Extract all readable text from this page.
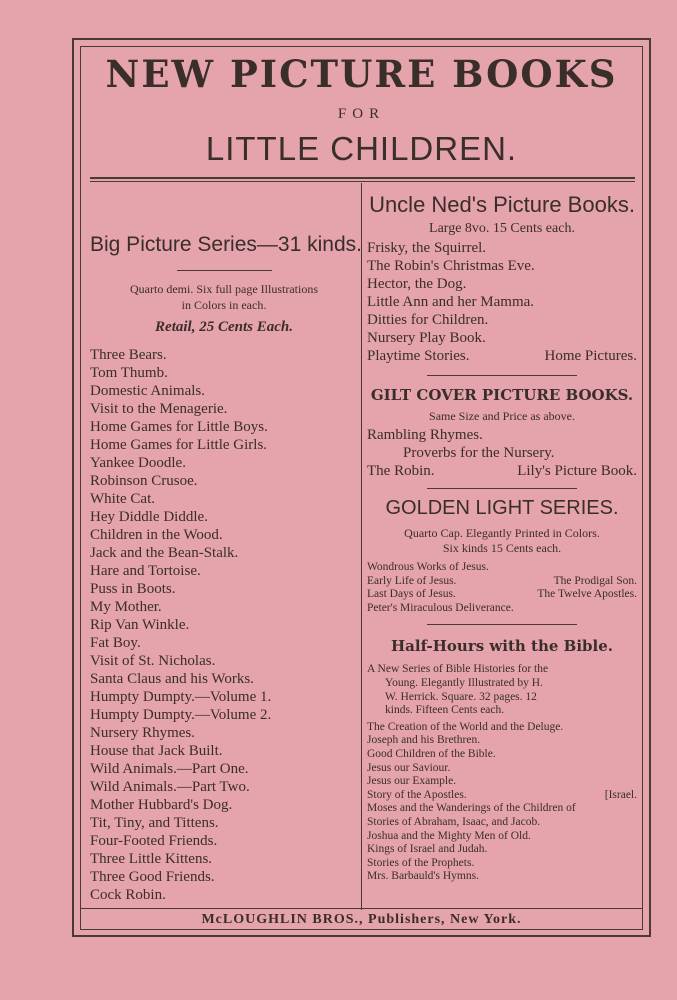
NEW PICTURE BOOKS
FOR
LITTLE CHILDREN.
Big Picture Series—31 kinds.

Quarto demi. Six full page Illustrations
in Colors in each.

Retail, 25 Cents Each.

Three Bears.
Tom Thumb.
Domestic Animals.
Visit to the Menagerie.
Home Games for Little Boys.
Home Games for Little Girls.
Yankee Doodle.
Robinson Crusoe.
White Cat.
Hey Diddle Diddle.
Children in the Wood.
Jack and the Bean-Stalk.
Hare and Tortoise.
Puss in Boots.
My Mother.
Rip Van Winkle.
Fat Boy.
Visit of St. Nicholas.
Santa Claus and his Works.
Humpty Dumpty.—Volume 1.
Humpty Dumpty.—Volume 2.
Nursery Rhymes.
House that Jack Built.
Wild Animals.—Part One.
Wild Animals.—Part Two.
Mother Hubbard's Dog.
Tit, Tiny, and Tittens.
Four-Footed Friends.
Three Little Kittens.
Three Good Friends.
Cock Robin.
Uncle Ned's Picture Books.

Large 8vo. 15 Cents each.

Frisky, the Squirrel.
The Robin's Christmas Eve.
Hector, the Dog.
Little Ann and her Mamma.
Ditties for Children.
Nursery Play Book.
Playtime Stories.	Home Pictures.
GILT COVER PICTURE BOOKS.

Same Size and Price as above.

Rambling Rhymes.
Proverbs for the Nursery.
The Robin.	Lily's Picture Book.
GOLDEN LIGHT SERIES.

Quarto Cap. Elegantly Printed in Colors.

Six kinds 15 Cents each.

Wondrous Works of Jesus.
Early Life of Jesus.	The Prodigal Son.
Last Days of Jesus.	The Twelve Apostles.
Peter's Miraculous Deliverance.
Half-Hours with the Bible.
A New Series of Bible Histories for the
Young. Elegantly Illustrated by H.
W. Herrick. Square. 32 pages. 12
kinds. Fifteen Cents each.
The Creation of the World and the Deluge.
Joseph and his Brethren.
Good Children of the Bible.
Jesus our Saviour.
Jesus our Example.
Story of the Apostles.	[Israel.
Moses and the Wanderings of the Children of
Stories of Abraham, Isaac, and Jacob.
Joshua and the Mighty Men of Old.
Kings of Israel and Judah.
Stories of the Prophets.
Mrs. Barbauld's Hymns.
McLOUGHLIN BROS., Publishers, New York.
